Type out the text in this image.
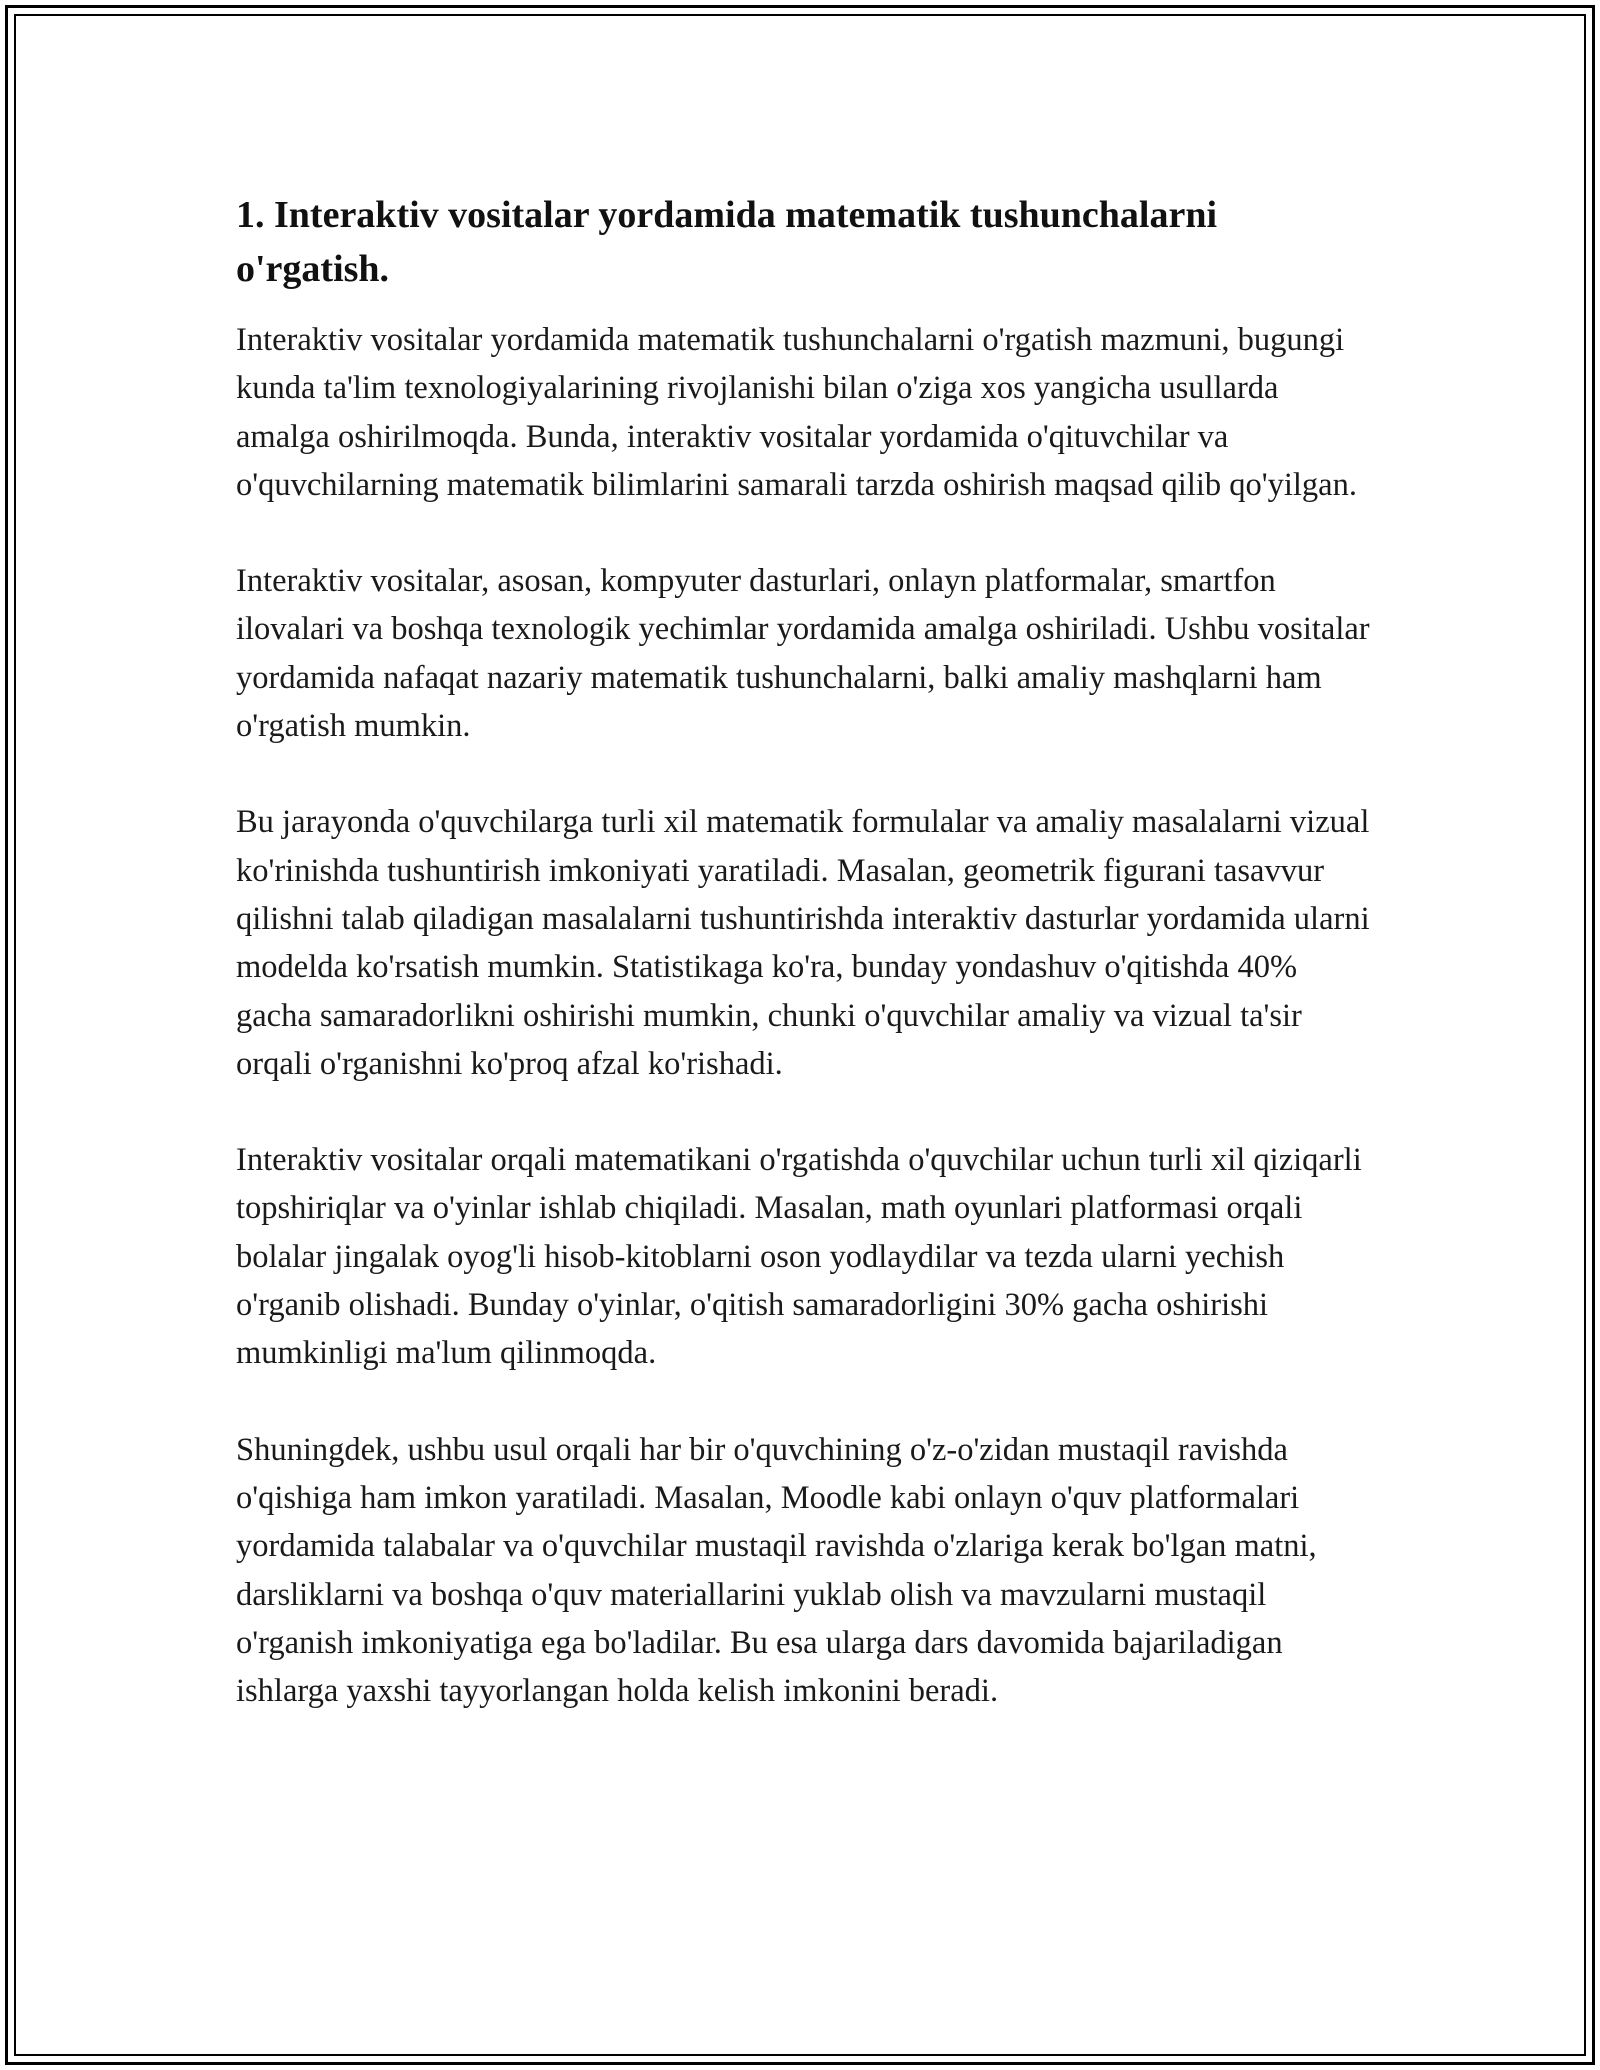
1. Interaktiv vositalar yordamida matematik tushunchalarni o'rgatish.

Interaktiv vositalar yordamida matematik tushunchalarni o'rgatish mazmuni, bugungi kunda ta'lim texnologiyalarining rivojlanishi bilan o'ziga xos yangicha usullarda amalga oshirilmoqda. Bunda, interaktiv vositalar yordamida o'qituvchilar va o'quvchilarning matematik bilimlarini samarali tarzda oshirish maqsad qilib qo'yilgan.

Interaktiv vositalar, asosan, kompyuter dasturlari, onlayn platformalar, smartfon ilovalari va boshqa texnologik yechimlar yordamida amalga oshiriladi. Ushbu vositalar yordamida nafaqat nazariy matematik tushunchalarni, balki amaliy mashqlarni ham o'rgatish mumkin.

Bu jarayonda o'quvchilarga turli xil matematik formulalar va amaliy masalalarni vizual ko'rinishda tushuntirish imkoniyati yaratiladi. Masalan, geometrik figurani tasavvur qilishni talab qiladigan masalalarni tushuntirishda interaktiv dasturlar yordamida ularni modelda ko'rsatish mumkin. Statistikaga ko'ra, bunday yondashuv o'qitishda 40% gacha samaradorlikni oshirishi mumkin, chunki o'quvchilar amaliy va vizual ta'sir orqali o'rganishni ko'proq afzal ko'rishadi.

Interaktiv vositalar orqali matematikani o'rgatishda o'quvchilar uchun turli xil qiziqarli topshiriqlar va o'yinlar ishlab chiqiladi. Masalan, math oyunlari platformasi orqali bolalar jingalak oyog'li hisob-kitoblarni oson yodlaydilar va tezda ularni yechish o'rganib olishadi. Bunday o'yinlar, o'qitish samaradorligini 30% gacha oshirishi mumkinligi ma'lum qilinmoqda.

Shuningdek, ushbu usul orqali har bir o'quvchining o'z-o'zidan mustaqil ravishda o'qishiga ham imkon yaratiladi. Masalan, Moodle kabi onlayn o'quv platformalari yordamida talabalar va o'quvchilar mustaqil ravishda o'zlariga kerak bo'lgan matni, darsliklarni va boshqa o'quv materiallarini yuklab olish va mavzularni mustaqil o'rganish imkoniyatiga ega bo'ladilar. Bu esa ularga dars davomida bajariladigan ishlarga yaxshi tayyorlangan holda kelish imkonini beradi.
